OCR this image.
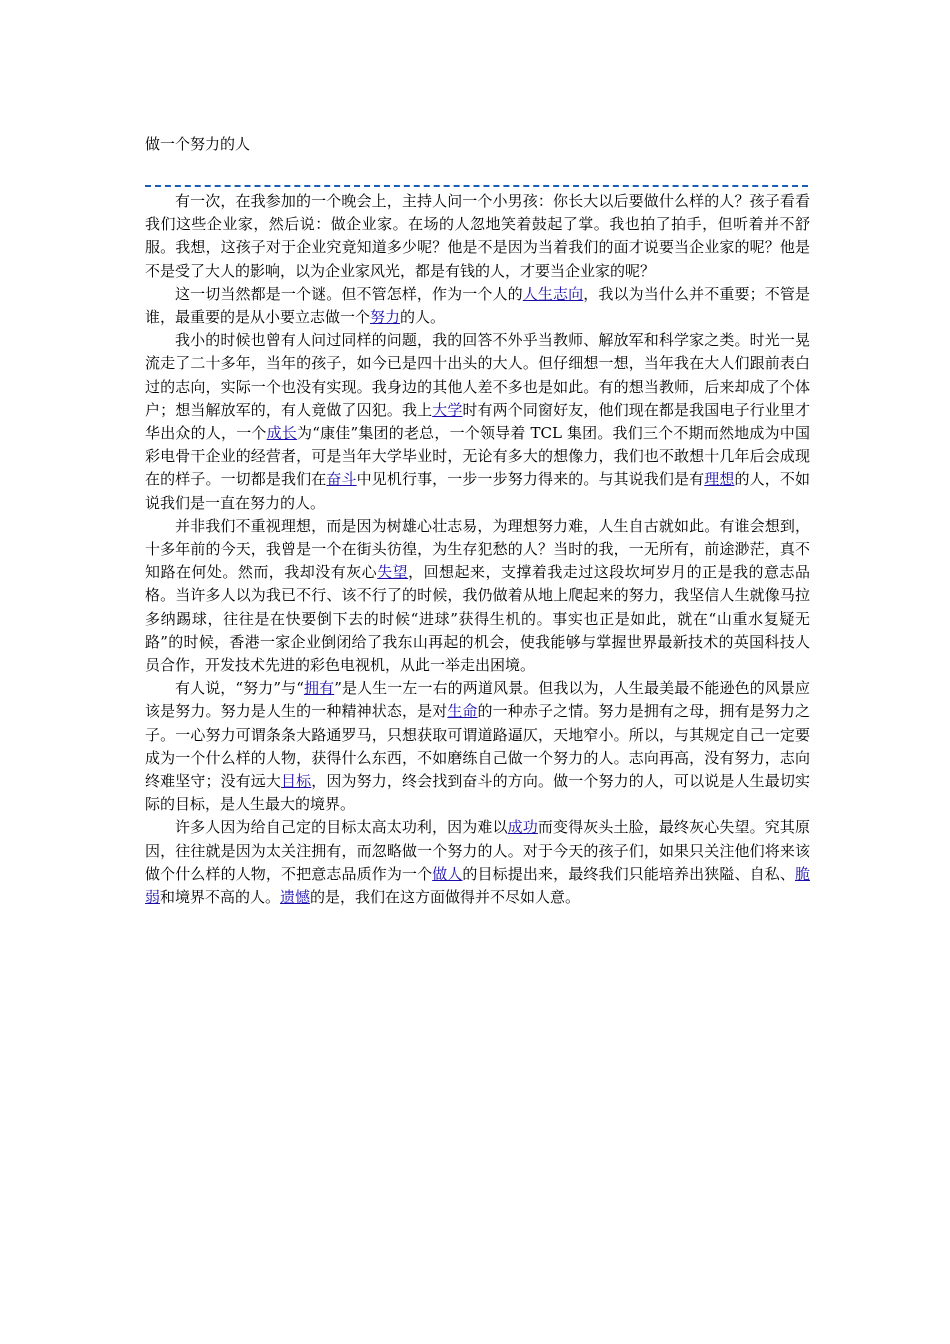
做一个努力的人

有一次，在我参加的一个晚会上，主持人问一个小男孩：你长大以后要做什么样的人？孩子看看我们这些企业家，然后说：做企业家。在场的人忽地笑着鼓起了掌。我也拍了拍手，但听着并不舒服。我想，这孩子对于企业究竟知道多少呢？他是不是因为当着我们的面才说要当企业家的呢？他是不是受了大人的影响，以为企业家风光，都是有钱的人，才要当企业家的呢？

这一切当然都是一个谜。但不管怎样，作为一个人的人生志向，我以为当什么并不重要；不管是谁，最重要的是从小要立志做一个努力的人。

我小的时候也曾有人问过同样的问题，我的回答不外乎当教师、解放军和科学家之类。时光一晃流走了二十多年，当年的孩子，如今已是四十出头的大人。但仔细想一想，当年我在大人们跟前表白过的志向，实际一个也没有实现。我身边的其他人差不多也是如此。有的想当教师，后来却成了个体户；想当解放军的，有人竟做了囚犯。我上大学时有两个同窗好友，他们现在都是我国电子行业里才华出众的人，一个成长为“康佳”集团的老总，一个领导着 TCL 集团。我们三个不期而然地成为中国彩电骨干企业的经营者，可是当年大学毕业时，无论有多大的想像力，我们也不敢想十几年后会成现在的样子。一切都是我们在奋斗中见机行事，一步一步努力得来的。与其说我们是有理想的人，不如说我们是一直在努力的人。

并非我们不重视理想，而是因为树雄心壮志易，为理想努力难，人生自古就如此。有谁会想到，十多年前的今天，我曾是一个在街头彷徨，为生存犯愁的人？当时的我，一无所有，前途渺茫，真不知路在何处。然而，我却没有灰心失望，回想起来，支撑着我走过这段坎坷岁月的正是我的意志品格。当许多人以为我已不行、该不行了的时候，我仍做着从地上爬起来的努力，我坚信人生就像马拉多纳踢球，往往是在快要倒下去的时候“进球”获得生机的。事实也正是如此，就在“山重水复疑无路”的时候，香港一家企业倒闭给了我东山再起的机会，使我能够与掌握世界最新技术的英国科技人员合作，开发技术先进的彩色电视机，从此一举走出困境。

有人说，“努力”与“拥有”是人生一左一右的两道风景。但我以为，人生最美最不能逊色的风景应该是努力。努力是人生的一种精神状态，是对生命的一种赤子之情。努力是拥有之母，拥有是努力之子。一心努力可谓条条大路通罗马，只想获取可谓道路逼仄，天地窄小。所以，与其规定自己一定要成为一个什么样的人物，获得什么东西，不如磨练自己做一个努力的人。志向再高，没有努力，志向终难坚守；没有远大目标，因为努力，终会找到奋斗的方向。做一个努力的人，可以说是人生最切实际的目标，是人生最大的境界。

许多人因为给自己定的目标太高太功利，因为难以成功而变得灰头土脸，最终灰心失望。究其原因，往往就是因为太关注拥有，而忽略做一个努力的人。对于今天的孩子们，如果只关注他们将来该做个什么样的人物，不把意志品质作为一个做人的目标提出来，最终我们只能培养出狭隘、自私、脆弱和境界不高的人。遗憾的是，我们在这方面做得并不尽如人意。
